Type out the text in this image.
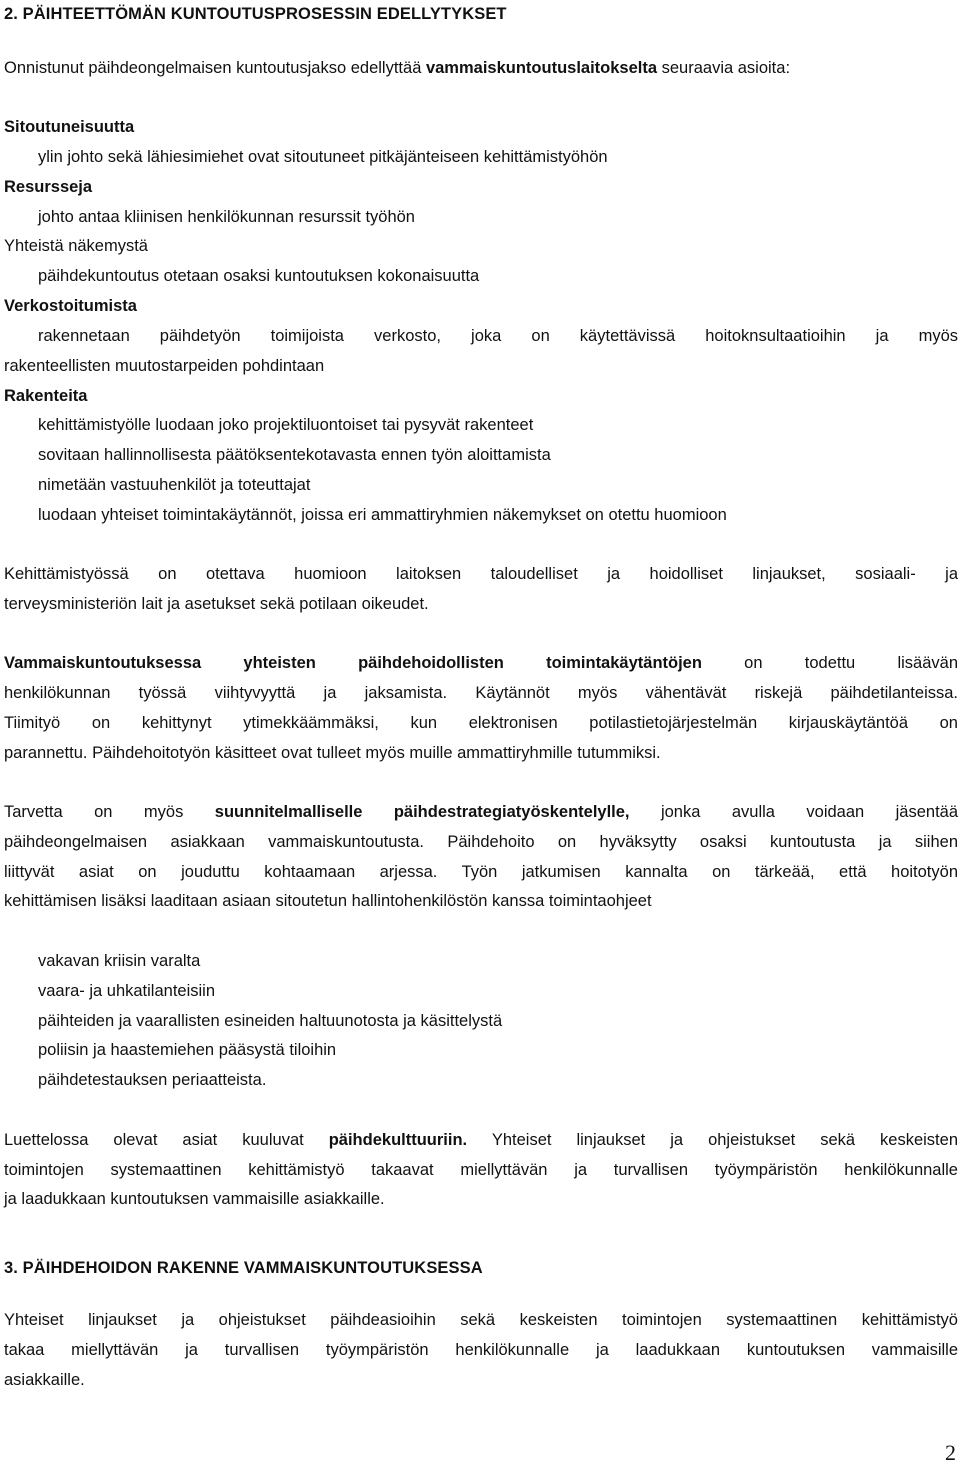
2. PÄIHTEETTÖMÄN KUNTOUTUSPROSESSIN EDELLYTYKSET
Onnistunut päihdeongelmaisen kuntoutusjakso edellyttää vammaiskuntoutuslaitokselta seuraavia asioita:
Sitoutuneisuutta
ylin johto sekä lähiesimiehet ovat sitoutuneet pitkäjänteiseen kehittämistyöhön
Resursseja
johto antaa kliinisen henkilökunnan resurssit työhön
Yhteistä näkemystä
päihdekuntoutus otetaan osaksi kuntoutuksen kokonaisuutta
Verkostoitumista
rakennetaan päihdetyön toimijoista verkosto, joka on käytettävissä hoitoknsultaatioihin ja myös
rakenteellisten muutostarpeiden pohdintaan
Rakenteita
kehittämistyölle luodaan joko projektiluontoiset tai pysyvät rakenteet
sovitaan hallinnollisesta päätöksentekotavasta ennen työn aloittamista
nimetään vastuuhenkilöt ja toteuttajat
luodaan yhteiset toimintakäytännöt, joissa eri ammattiryhmien näkemykset on otettu huomioon
Kehittämistyössä on otettava huomioon laitoksen taloudelliset ja hoidolliset linjaukset, sosiaali- ja
terveysministeriön lait ja asetukset sekä potilaan oikeudet.
Vammaiskuntoutuksessa yhteisten päihdehoidollisten toimintakäytäntöjen on todettu lisäävän
henkilökunnan työssä viihtyvyyttä ja jaksamista. Käytännöt myös vähentävät riskejä päihdetilanteissa.
Tiimityö on kehittynyt ytimekkäämmäksi, kun elektronisen potilastietojärjestelmän kirjauskäytäntöä on
parannettu. Päihdehoitotyön käsitteet ovat tulleet myös muille ammattiryhmille tutummiksi.
Tarvetta on myös suunnitelmalliselle päihdestrategiatyöskentelylle, jonka avulla voidaan jäsentää
päihdeongelmaisen asiakkaan vammaiskuntoutusta. Päihdehoito on hyväksytty osaksi kuntoutusta ja siihen
liittyvät asiat on jouduttu kohtaamaan arjessa. Työn jatkumisen kannalta on tärkeää, että hoitotyön
kehittämisen lisäksi laaditaan asiaan sitoutetun hallintohenkilöstön kanssa toimintaohjeet
vakavan kriisin varalta
vaara- ja uhkatilanteisiin
päihteiden ja vaarallisten esineiden haltuunotosta ja käsittelystä
poliisin ja haastemiehen pääsystä tiloihin
päihdetestauksen periaatteista.
Luettelossa olevat asiat kuuluvat päihdekulttuuriin. Yhteiset linjaukset ja ohjeistukset sekä keskeisten
toimintojen systemaattinen kehittämistyö takaavat miellyttävän ja turvallisen työympäristön henkilökunnalle
ja laadukkaan kuntoutuksen vammaisille asiakkaille.
3. PÄIHDEHOIDON RAKENNE VAMMAISKUNTOUTUKSESSA
Yhteiset linjaukset ja ohjeistukset päihdeasioihin sekä keskeisten toimintojen systemaattinen kehittämistyö
takaa miellyttävän ja turvallisen työympäristön henkilökunnalle ja laadukkaan kuntoutuksen vammaisille
asiakkaille.
2
